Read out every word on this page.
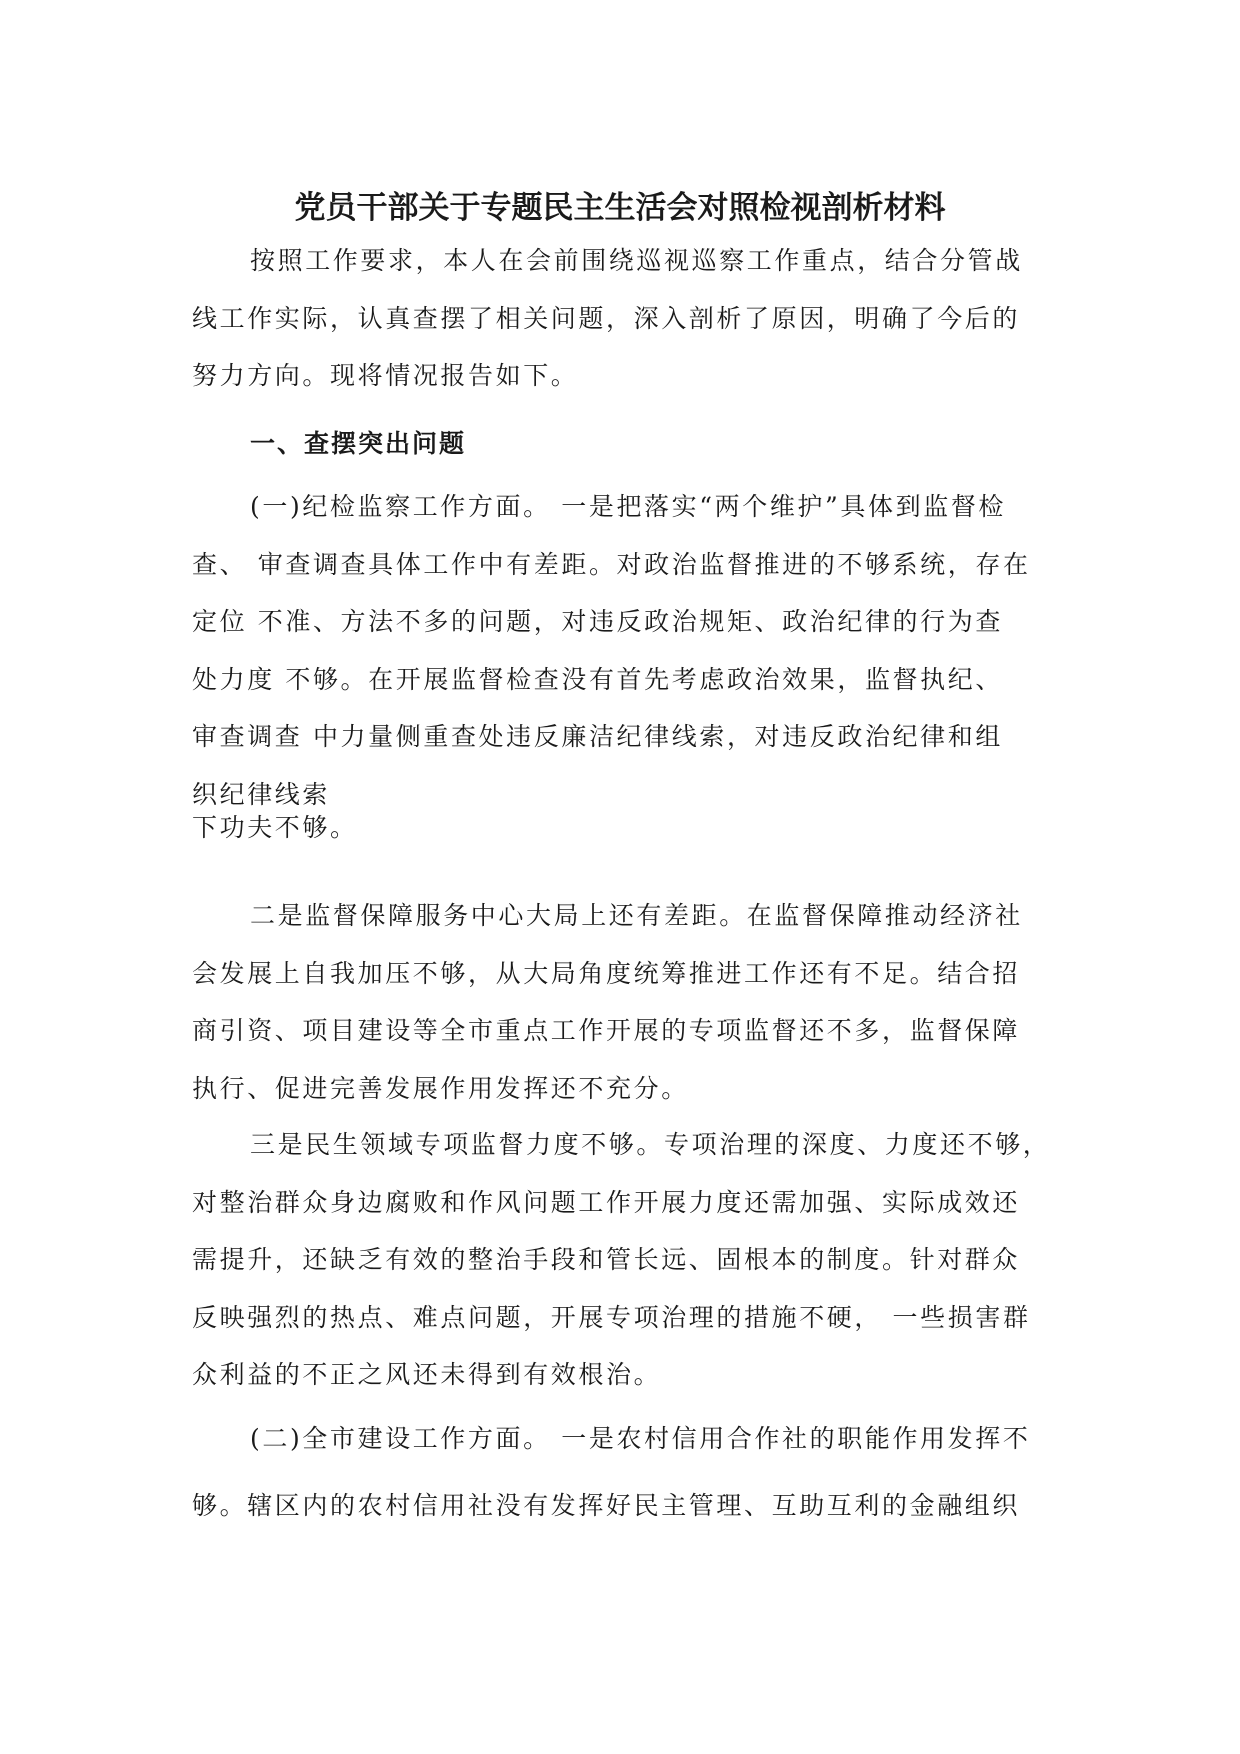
党员干部关于专题民主生活会对照检视剖析材料
按照工作要求，本人在会前围绕巡视巡察工作重点，结合分管战
线工作实际，认真查摆了相关问题，深入剖析了原因，明确了今后的
努力方向。现将情况报告如下。
一、查摆突出问题
(一)纪检监察工作方面。 一是把落实“两个维护”具体到监督检
查、 审查调查具体工作中有差距。对政治监督推进的不够系统，存在
定位 不准、方法不多的问题，对违反政治规矩、政治纪律的行为查
处力度 不够。在开展监督检查没有首先考虑政治效果，监督执纪、
审查调查 中力量侧重查处违反廉洁纪律线索，对违反政治纪律和组
织纪律线索
下功夫不够。
二是监督保障服务中心大局上还有差距。在监督保障推动经济社
会发展上自我加压不够，从大局角度统筹推进工作还有不足。结合招
商引资、项目建设等全市重点工作开展的专项监督还不多，监督保障
执行、促进完善发展作用发挥还不充分。
三是民生领域专项监督力度不够。专项治理的深度、力度还不够，
对整治群众身边腐败和作风问题工作开展力度还需加强、实际成效还
需提升，还缺乏有效的整治手段和管长远、固根本的制度。针对群众
反映强烈的热点、难点问题，开展专项治理的措施不硬， 一些损害群
众利益的不正之风还未得到有效根治。
(二)全市建设工作方面。 一是农村信用合作社的职能作用发挥不
够。辖区内的农村信用社没有发挥好民主管理、互助互利的金融组织
